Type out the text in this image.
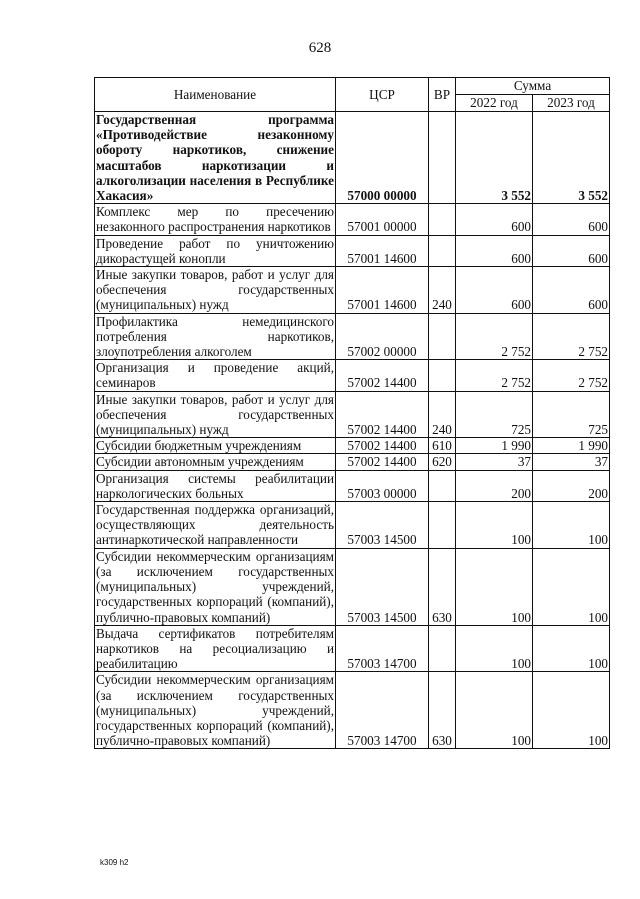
628
Наименование	ЦСР	ВР	Сумма	
			2022 год	2023 год
Государственная программа «Противодействие незаконному обороту наркотиков, снижение масштабов наркотизации и алкоголизации населения в Республике Хакасия»	57000 00000		3 552	3 552
Комплекс мер по пресечению незаконного распространения наркотиков	57001 00000		600	600
Проведение работ по уничтожению дикорастущей конопли	57001 14600		600	600
Иные закупки товаров, работ и услуг для обеспечения государственных (муниципальных) нужд	57001 14600	240	600	600
Профилактика немедицинского потребления наркотиков, злоупотребления алкоголем	57002 00000		2 752	2 752
Организация и проведение акций, семинаров	57002 14400		2 752	2 752
Иные закупки товаров, работ и услуг для обеспечения государственных (муниципальных) нужд	57002 14400	240	725	725
Субсидии бюджетным учреждениям	57002 14400	610	1 990	1 990
Субсидии автономным учреждениям	57002 14400	620	37	37
Организация системы реабилитации наркологических больных	57003 00000		200	200
Государственная поддержка организаций, осуществляющих деятельность антинаркотической направленности	57003 14500		100	100
Субсидии некоммерческим организациям (за исключением государственных (муниципальных) учреждений, государственных корпораций (компаний), публично-правовых компаний)	57003 14500	630	100	100
Выдача сертификатов потребителям наркотиков на ресоциализацию и реабилитацию	57003 14700		100	100
Субсидии некоммерческим организациям (за исключением государственных (муниципальных) учреждений, государственных корпораций (компаний), публично-правовых компаний)	57003 14700	630	100	100
k309 h2
